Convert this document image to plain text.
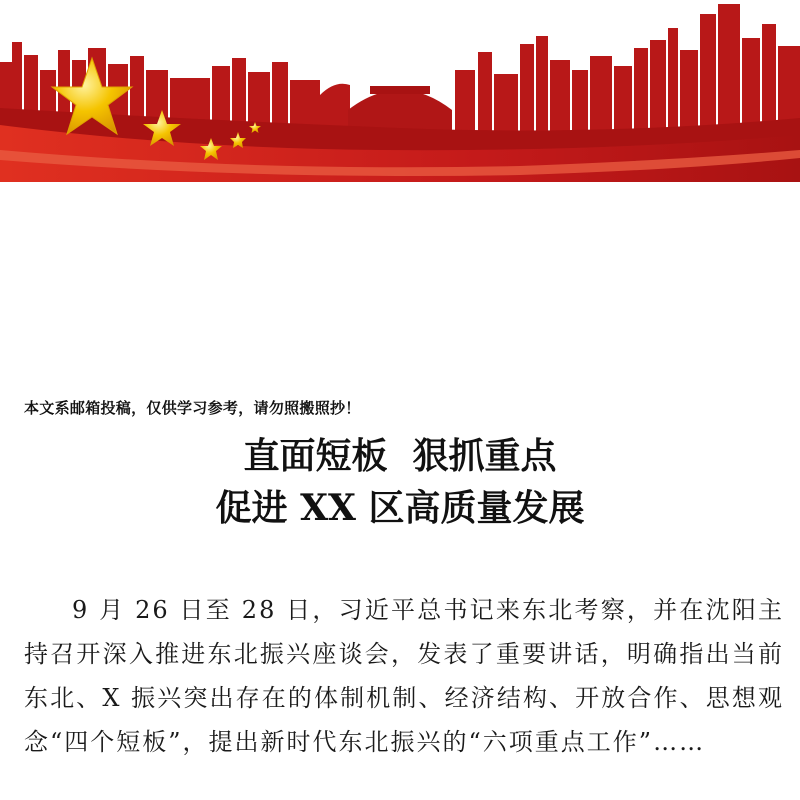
本文系邮箱投稿，仅供学习参考，请勿照搬照抄！
直面短板  狠抓重点
促进 XX 区高质量发展

9 月 26 日至 28 日，习近平总书记来东北考察，并在沈阳主持召开深入推进东北振兴座谈会，发表了重要讲话，明确指出当前东北、X 振兴突出存在的体制机制、经济结构、开放合作、思想观念“四个短板”，提出新时代东北振兴的“六项重点工作”……
